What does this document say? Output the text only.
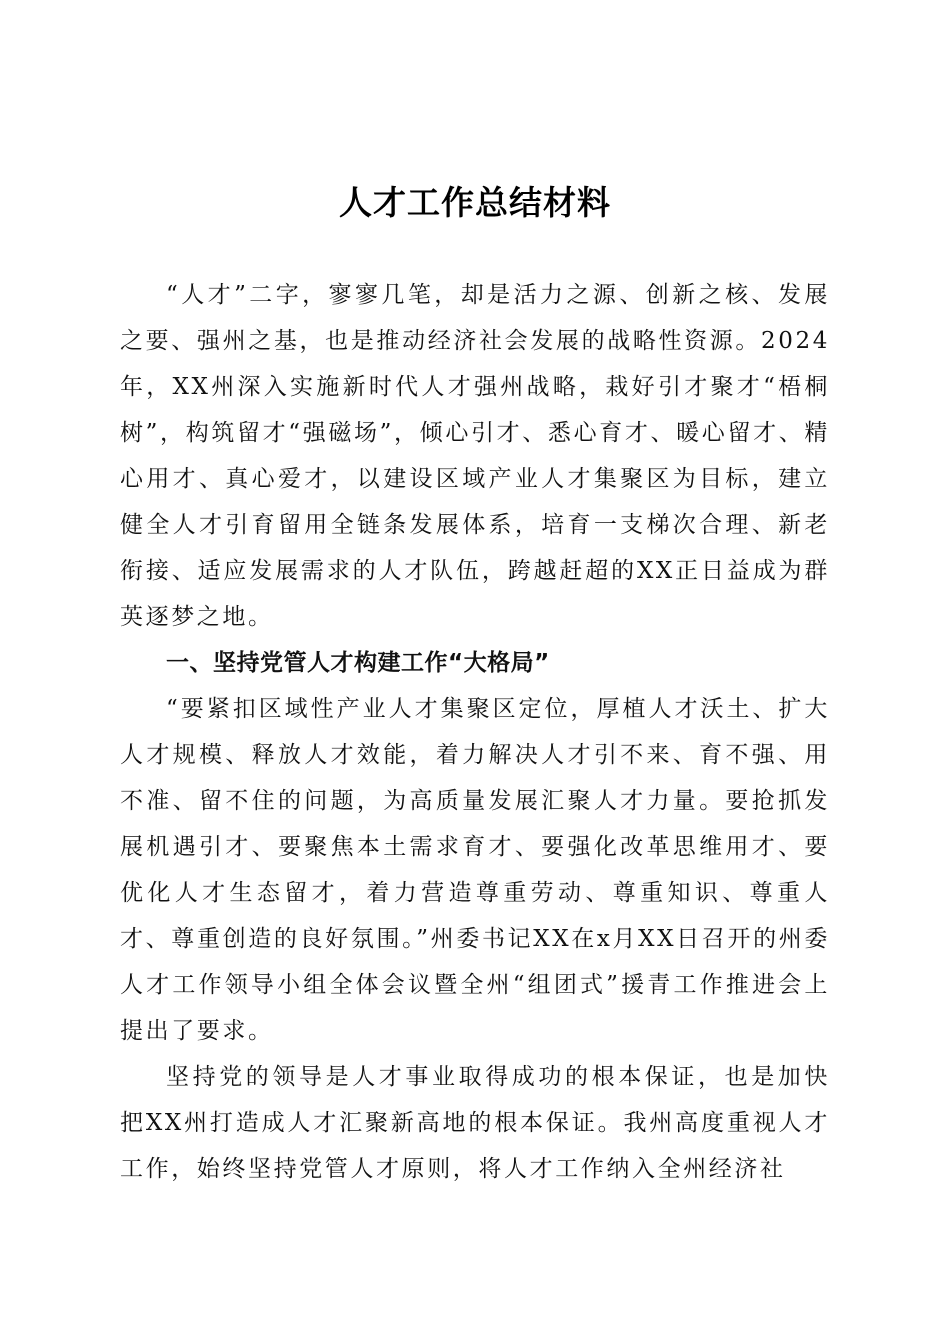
人才工作总结材料

“人才”二字，寥寥几笔，却是活力之源、创新之核、发展之要、强州之基，也是推动经济社会发展的战略性资源。2024年，XX州深入实施新时代人才强州战略，栽好引才聚才“梧桐树”，构筑留才“强磁场”，倾心引才、悉心育才、暖心留才、精心用才、真心爱才，以建设区域产业人才集聚区为目标，建立健全人才引育留用全链条发展体系，培育一支梯次合理、新老衔接、适应发展需求的人才队伍，跨越赶超的XX正日益成为群英逐梦之地。

一、坚持党管人才构建工作“大格局”

“要紧扣区域性产业人才集聚区定位，厚植人才沃土、扩大人才规模、释放人才效能，着力解决人才引不来、育不强、用不准、留不住的问题，为高质量发展汇聚人才力量。要抢抓发展机遇引才、要聚焦本土需求育才、要强化改革思维用才、要优化人才生态留才，着力营造尊重劳动、尊重知识、尊重人才、尊重创造的良好氛围。”州委书记XX在x月XX日召开的州委人才工作领导小组全体会议暨全州“组团式”援青工作推进会上提出了要求。

坚持党的领导是人才事业取得成功的根本保证，也是加快把XX州打造成人才汇聚新高地的根本保证。我州高度重视人才工作，始终坚持党管人才原则，将人才工作纳入全州经济社
